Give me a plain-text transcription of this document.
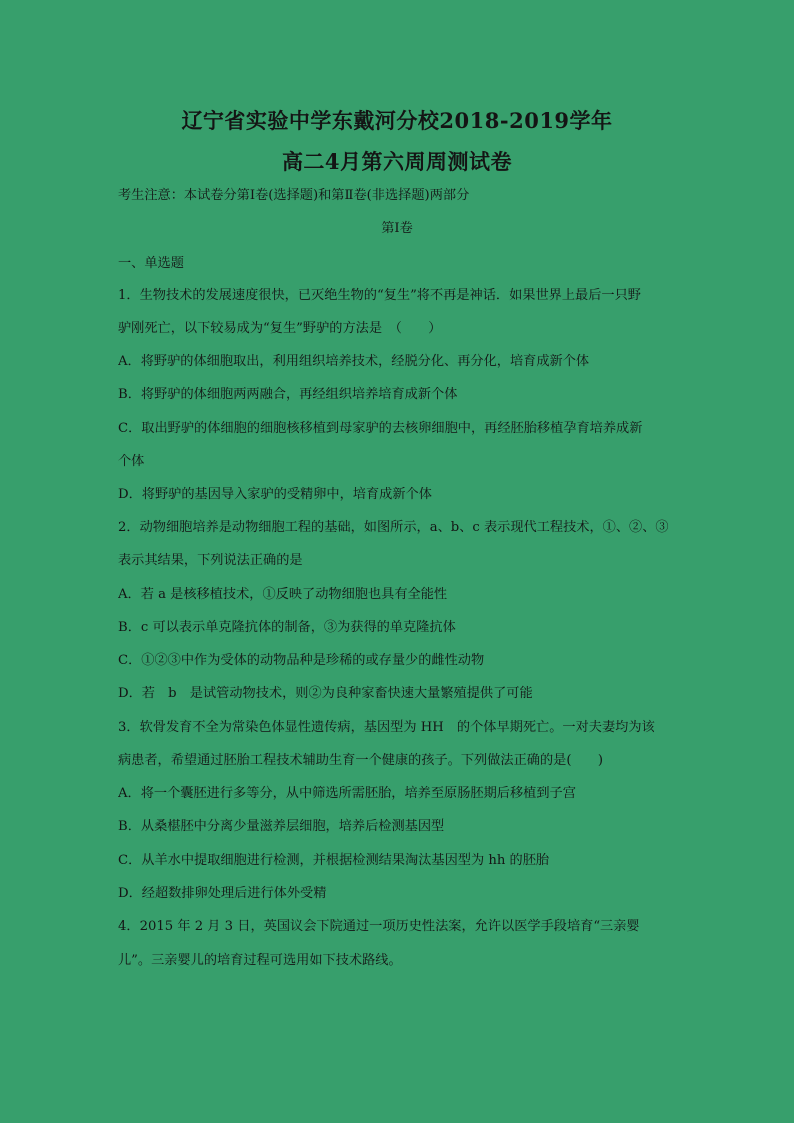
辽宁省实验中学东戴河分校2018-2019学年
高二4月第六周周测试卷

考生注意：本试卷分第Ⅰ卷(选择题)和第Ⅱ卷(非选择题)两部分

第Ⅰ卷

一、单选题

1．生物技术的发展速度很快，已灭绝生物的“复生”将不再是神话．如果世界上最后一只野

驴刚死亡，以下较易成为“复生”野驴的方法是　（　　）

A．将野驴的体细胞取出，利用组织培养技术，经脱分化、再分化，培育成新个体

B．将野驴的体细胞两两融合，再经组织培养培育成新个体

C．取出野驴的体细胞的细胞核移植到母家驴的去核卵细胞中，再经胚胎移植孕育培养成新

个体

D．将野驴的基因导入家驴的受精卵中，培育成新个体

2．动物细胞培养是动物细胞工程的基础，如图所示，a、b、c 表示现代工程技术，①、②、③

表示其结果，下列说法正确的是

A．若 a 是核移植技术，①反映了动物细胞也具有全能性

B．c 可以表示单克隆抗体的制备，③为获得的单克隆抗体

C．①②③中作为受体的动物品种是珍稀的或存量少的雌性动物

D．若　b　是试管动物技术，则②为良种家畜快速大量繁殖提供了可能

3．软骨发育不全为常染色体显性遗传病，基因型为 HH　的个体早期死亡。一对夫妻均为该

病患者，希望通过胚胎工程技术辅助生育一个健康的孩子。下列做法正确的是(　　)

A．将一个囊胚进行多等分，从中筛选所需胚胎，培养至原肠胚期后移植到子宫

B．从桑椹胚中分离少量滋养层细胞，培养后检测基因型

C．从羊水中提取细胞进行检测，并根据检测结果淘汰基因型为 hh 的胚胎

D．经超数排卵处理后进行体外受精

4．2015 年 2 月 3 日，英国议会下院通过一项历史性法案，允许以医学手段培育“三亲婴

儿”。三亲婴儿的培育过程可选用如下技术路线。
